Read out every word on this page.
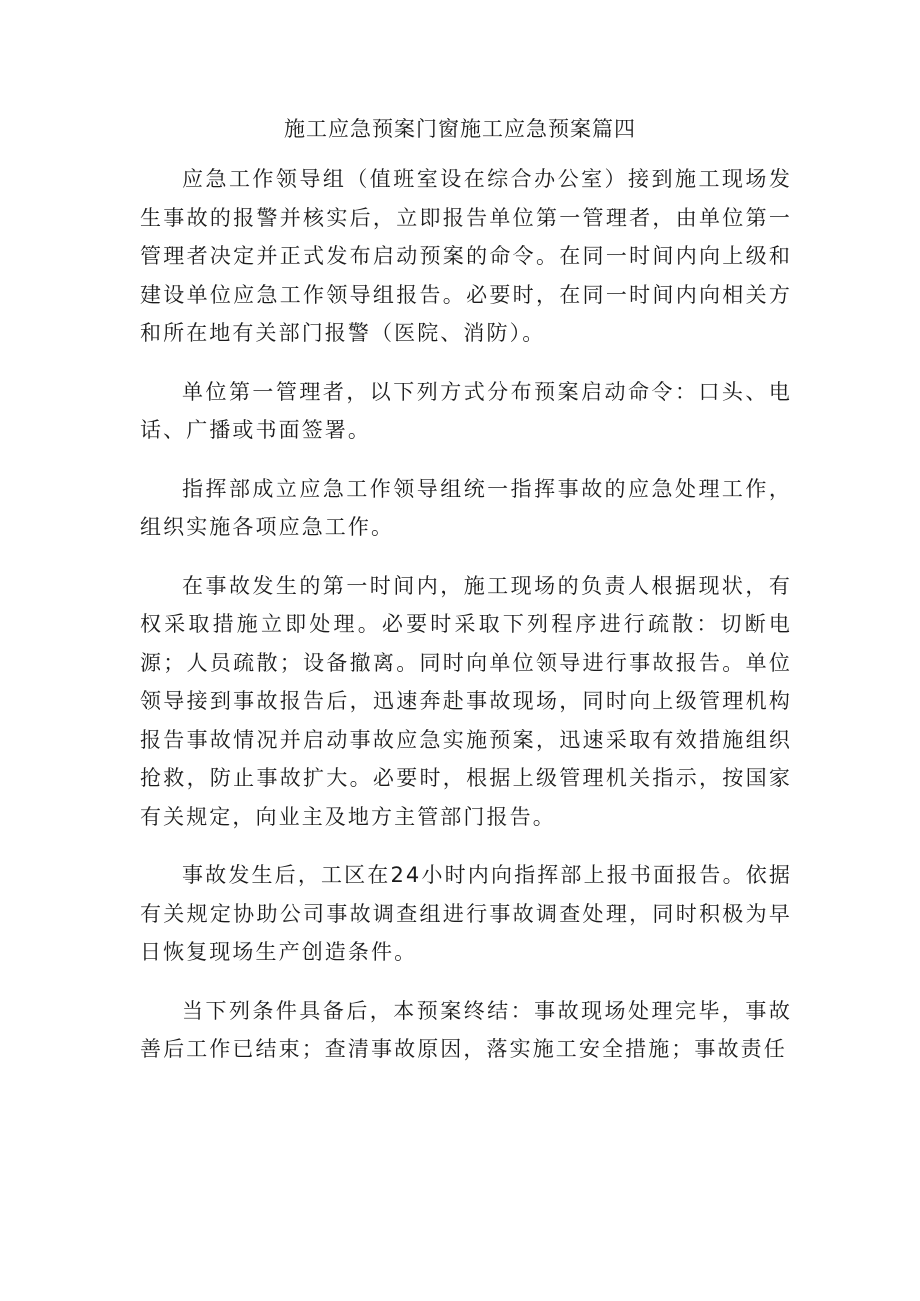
施工应急预案门窗施工应急预案篇四

应急工作领导组（值班室设在综合办公室）接到施工现场发生事故的报警并核实后，立即报告单位第一管理者，由单位第一管理者决定并正式发布启动预案的命令。在同一时间内向上级和建设单位应急工作领导组报告。必要时，在同一时间内向相关方和所在地有关部门报警（医院、消防）。

单位第一管理者，以下列方式分布预案启动命令：口头、电话、广播或书面签署。

指挥部成立应急工作领导组统一指挥事故的应急处理工作，组织实施各项应急工作。

在事故发生的第一时间内，施工现场的负责人根据现状，有权采取措施立即处理。必要时采取下列程序进行疏散：切断电源；人员疏散；设备撤离。同时向单位领导进行事故报告。单位领导接到事故报告后，迅速奔赴事故现场，同时向上级管理机构报告事故情况并启动事故应急实施预案，迅速采取有效措施组织抢救，防止事故扩大。必要时，根据上级管理机关指示，按国家有关规定，向业主及地方主管部门报告。

事故发生后，工区在24小时内向指挥部上报书面报告。依据有关规定协助公司事故调查组进行事故调查处理，同时积极为早日恢复现场生产创造条件。

当下列条件具备后，本预案终结：事故现场处理完毕，事故善后工作已结束；查清事故原因，落实施工安全措施；事故责任
